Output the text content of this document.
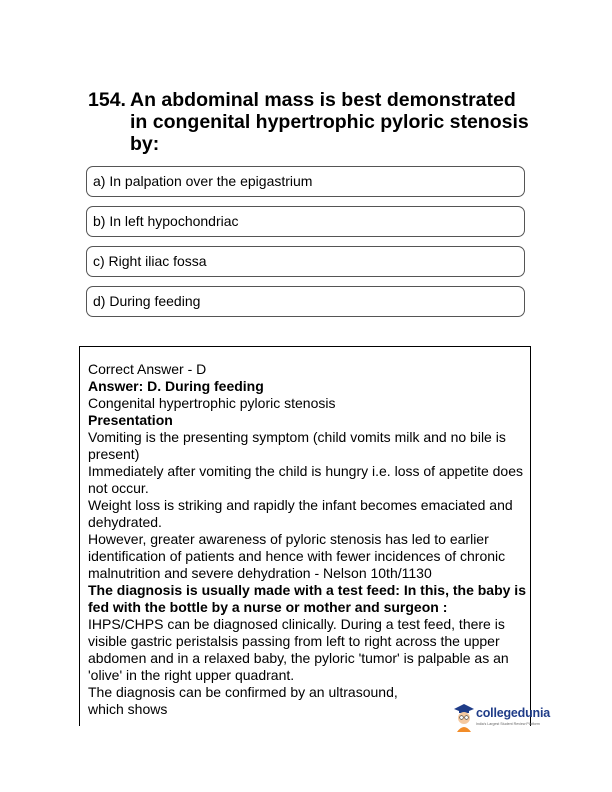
154. An abdominal mass is best demonstrated in congenital hypertrophic pyloric stenosis by:
a) In palpation over the epigastrium
b) In left hypochondriac
c) Right iliac fossa
d) During feeding

Correct Answer - D

Answer: D. During feeding

Congenital hypertrophic pyloric stenosis

Presentation

Vomiting is the presenting symptom (child vomits milk and no bile is present)

Immediately after vomiting the child is hungry i.e. loss of appetite does not occur.

Weight loss is striking and rapidly the infant becomes emaciated and dehydrated.

However, greater awareness of pyloric stenosis has led to earlier identification of patients and hence with fewer incidences of chronic malnutrition and severe dehydration - Nelson 10th/1130

The diagnosis is usually made with a test feed: In this, the baby is fed with the bottle by a nurse or mother and surgeon :

IHPS/CHPS can be diagnosed clinically. During a test feed, there is visible gastric peristalsis passing from left to right across the upper abdomen and in a relaxed baby, the pyloric 'tumor' is palpable as an 'olive' in the right upper quadrant.

The diagnosis can be confirmed by an ultrasound,

which shows	collegedunia
India's Largest Student Review Platform
